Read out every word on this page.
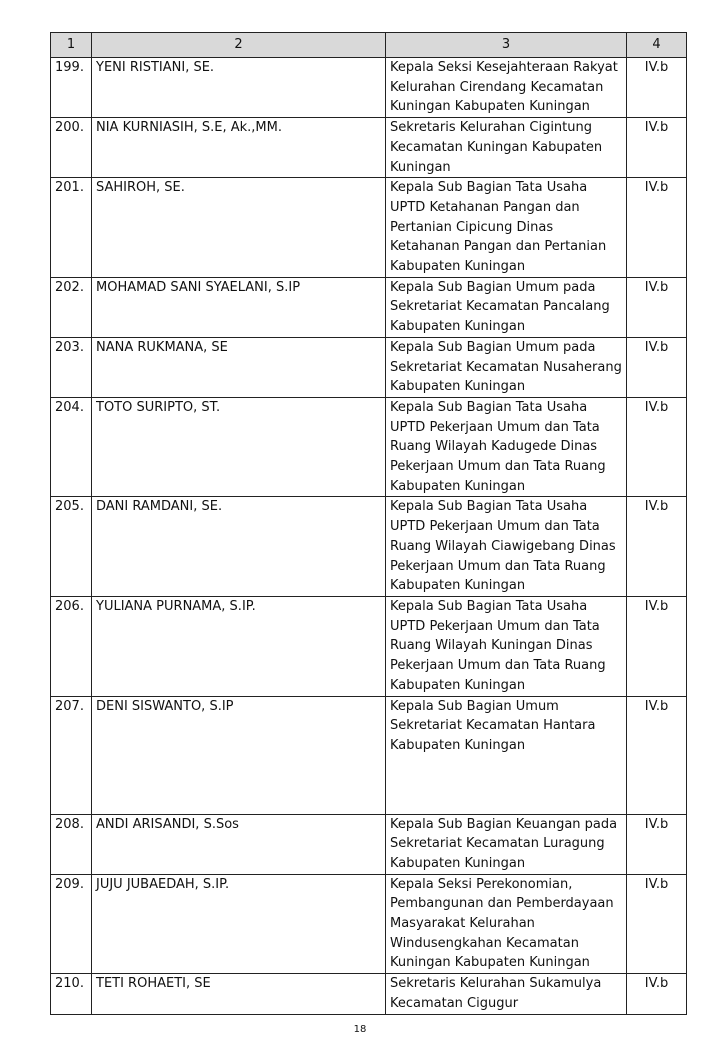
1	2	3	4
199.	YENI RISTIANI, SE.	Kepala Seksi Kesejahteraan Rakyat Kelurahan Cirendang Kecamatan Kuningan Kabupaten Kuningan	IV.b
200.	NIA KURNIASIH, S.E, Ak.,MM.	Sekretaris Kelurahan Cigintung Kecamatan Kuningan Kabupaten Kuningan	IV.b
201.	SAHIROH, SE.	Kepala Sub Bagian Tata Usaha UPTD Ketahanan Pangan dan Pertanian Cipicung Dinas Ketahanan Pangan dan Pertanian Kabupaten Kuningan	IV.b
202.	MOHAMAD SANI SYAELANI, S.IP	Kepala Sub Bagian Umum pada Sekretariat Kecamatan Pancalang Kabupaten Kuningan	IV.b
203.	NANA RUKMANA, SE	Kepala Sub Bagian Umum pada Sekretariat Kecamatan Nusaherang Kabupaten Kuningan	IV.b
204.	TOTO SURIPTO, ST.	Kepala Sub Bagian Tata Usaha UPTD Pekerjaan Umum dan Tata Ruang Wilayah Kadugede Dinas Pekerjaan Umum dan Tata Ruang Kabupaten Kuningan	IV.b
205.	DANI RAMDANI, SE.	Kepala Sub Bagian Tata Usaha UPTD Pekerjaan Umum dan Tata Ruang Wilayah Ciawigebang Dinas Pekerjaan Umum dan Tata Ruang Kabupaten Kuningan	IV.b
206.	YULIANA PURNAMA, S.IP.	Kepala Sub Bagian Tata Usaha UPTD Pekerjaan Umum dan Tata Ruang Wilayah Kuningan Dinas Pekerjaan Umum dan Tata Ruang Kabupaten Kuningan	IV.b
207.	DENI SISWANTO, S.IP	Kepala Sub Bagian Umum Sekretariat Kecamatan Hantara Kabupaten Kuningan	IV.b
208.	ANDI ARISANDI, S.Sos	Kepala Sub Bagian Keuangan pada Sekretariat Kecamatan Luragung Kabupaten Kuningan	IV.b
209.	JUJU JUBAEDAH, S.IP.	Kepala Seksi Perekonomian, Pembangunan dan Pemberdayaan Masyarakat Kelurahan Windusengkahan Kecamatan Kuningan Kabupaten Kuningan	IV.b
210.	TETI ROHAETI, SE	Sekretaris Kelurahan Sukamulya Kecamatan Cigugur	IV.b
18
